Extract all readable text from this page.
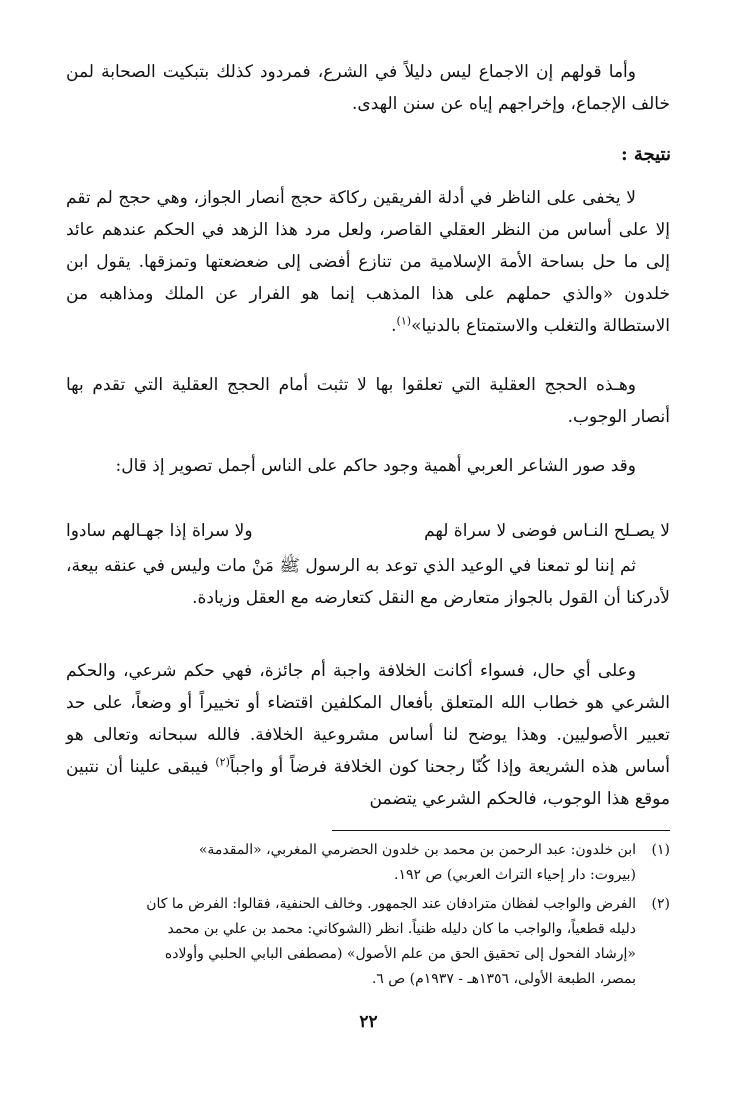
وأما قولهم إن الاجماع ليس دليلاً في الشرع، فمردود كذلك بتبكيت الصحابة لمن خالف الإجماع، وإخراجهم إياه عن سنن الهدى.

نتيجة :

لا يخفى على الناظر في أدلة الفريقين ركاكة حجج أنصار الجواز، وهي حجج لم تقم إلا على أساس من النظر العقلي القاصر، ولعل مرد هذا الزهد في الحكم عندهم عائد إلى ما حل بساحة الأمة الإسلامية من تنازع أفضى إلى ضعضعتها وتمزقها. يقول ابن خلدون «والذي حملهم على هذا المذهب إنما هو الفرار عن الملك ومذاهبه من الاستطالة والتغلب والاستمتاع بالدنيا»$^{(١)}$.

وهـذه الحجج العقلية التي تعلقوا بها لا تثبت أمام الحجج العقلية التي تقدم بها أنصار الوجوب.

وقد صور الشاعر العربي أهمية وجود حاكم على الناس أجمل تصوير إذ قال:

لا يصـلح النـاس فوضى لا سراة لهم
ولا سراة إذا جهـالهم سادوا

ثم إننا لو تمعنا في الوعيد الذي توعد به الرسول ﷺ مَنْ مات وليس في عنقه بيعة، لأدركنا أن القول بالجواز متعارض مع النقل كتعارضه مع العقل وزيادة.

وعلى أي حال، فسواء أكانت الخلافة واجبة أم جائزة، فهي حكم شرعي، والحكم الشرعي هو خطاب الله المتعلق بأفعال المكلفين اقتضاء أو تخييراً أو وضعاً، على حد تعبير الأصوليين. وهذا يوضح لنا أساس مشروعية الخلافة. فالله سبحانه وتعالى هو أساس هذه الشريعة وإذا كُنّا رجحنا كون الخلافة فرضاً أو واجباً$^{(٢)}$ فيبقى علينا أن نتبين موقع هذا الوجوب، فالحكم الشرعي يتضمن

(١)
ابن خلدون: عبد الرحمن بن محمد بن خلدون الحضرمي المغربي، «المقدمة»
(بيروت: دار إحياء التراث العربي) ص ١٩٢.
(٢)
الفرض والواجب لفظان مترادفان عند الجمهور. وخالف الحنفية، فقالوا: الفرض ما كان
دليله قطعياً، والواجب ما كان دليله ظنياً. انظر (الشوكاني: محمد بن علي بن محمد
«إرشاد الفحول إلى تحقيق الحق من علم الأصول» (مصطفى البابي الحلبي وأولاده
بمصر، الطبعة الأولى، ١٣٥٦هـ - ١٩٣٧م) ص ٦.
٢٢
